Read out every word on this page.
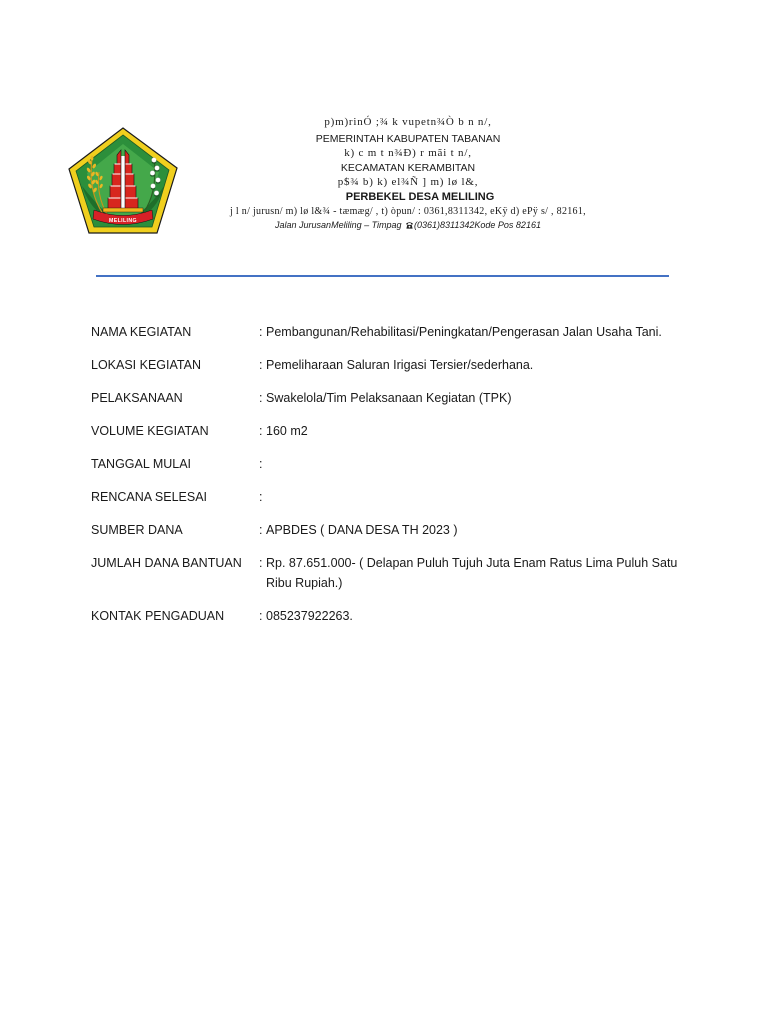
MELILING
p)m)rinÓ ;¾ k vupetn¾Ò b n n/,
PEMERINTAH KABUPATEN TABANAN
k) c m t n¾Ð) r mãi t n/,
KECAMATAN KERAMBITAN
p$¾ b) k) el¾Ñ ] m) lø l&,
PERBEKEL DESA MELILING
j l n/ jurusn/ m) lø l&¾ - tæmæg/ , t) òpun/ : 0361,8311342, eKÿ d) ePÿ s/ , 82161,
Jalan JurusanMeliling – Timpag (0361)8311342Kode Pos 82161
NAMA KEGIATAN	: Pembangunan/Rehabilitasi/Peningkatan/Pengerasan Jalan Usaha Tani.
LOKASI KEGIATAN	: Pemeliharaan Saluran Irigasi Tersier/sederhana.
PELAKSANAAN	: Swakelola/Tim Pelaksanaan Kegiatan (TPK)
VOLUME KEGIATAN	: 160 m2
TANGGAL MULAI	:
RENCANA SELESAI	:
SUMBER DANA	: APBDES ( DANA DESA TH 2023 )
JUMLAH DANA BANTUAN	: Rp. 87.651.000- ( Delapan Puluh Tujuh Juta Enam Ratus Lima Puluh Satu Ribu Rupiah.)
KONTAK PENGADUAN	: 085237922263.
